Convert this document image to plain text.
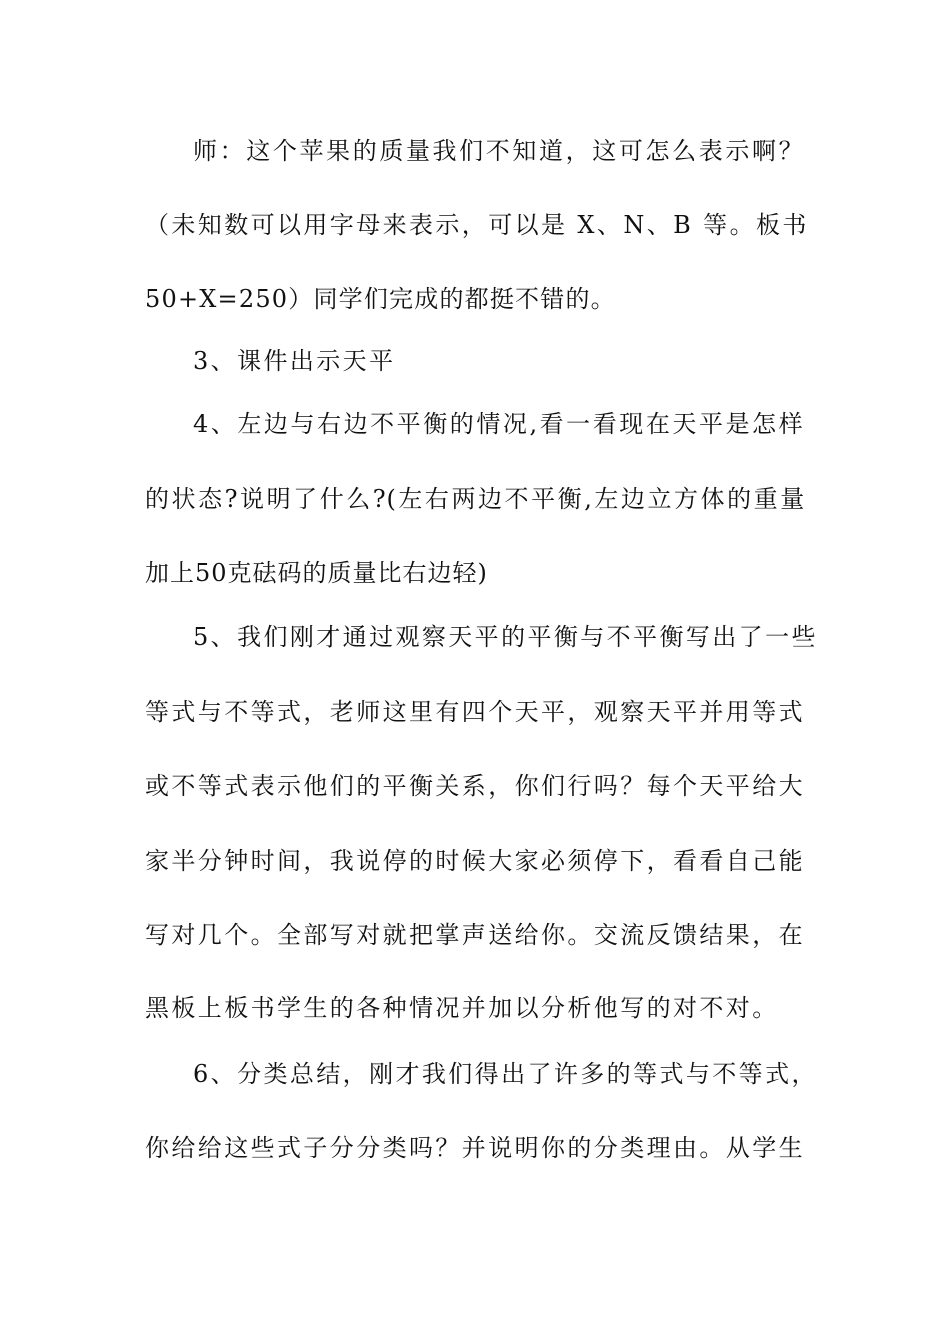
师：这个苹果的质量我们不知道，这可怎么表示啊？
（未知数可以用字母来表示，可以是 X、N、B 等。板书
50+X=250）同学们完成的都挺不错的。
3、课件出示天平
4、左边与右边不平衡的情况,看一看现在天平是怎样
的状态?说明了什么?(左右两边不平衡,左边立方体的重量
加上50克砝码的质量比右边轻)
5、我们刚才通过观察天平的平衡与不平衡写出了一些
等式与不等式，老师这里有四个天平，观察天平并用等式
或不等式表示他们的平衡关系，你们行吗？每个天平给大
家半分钟时间，我说停的时候大家必须停下，看看自己能
写对几个。全部写对就把掌声送给你。交流反馈结果，在
黑板上板书学生的各种情况并加以分析他写的对不对。
6、分类总结，刚才我们得出了许多的等式与不等式，
你给给这些式子分分类吗？并说明你的分类理由。从学生
